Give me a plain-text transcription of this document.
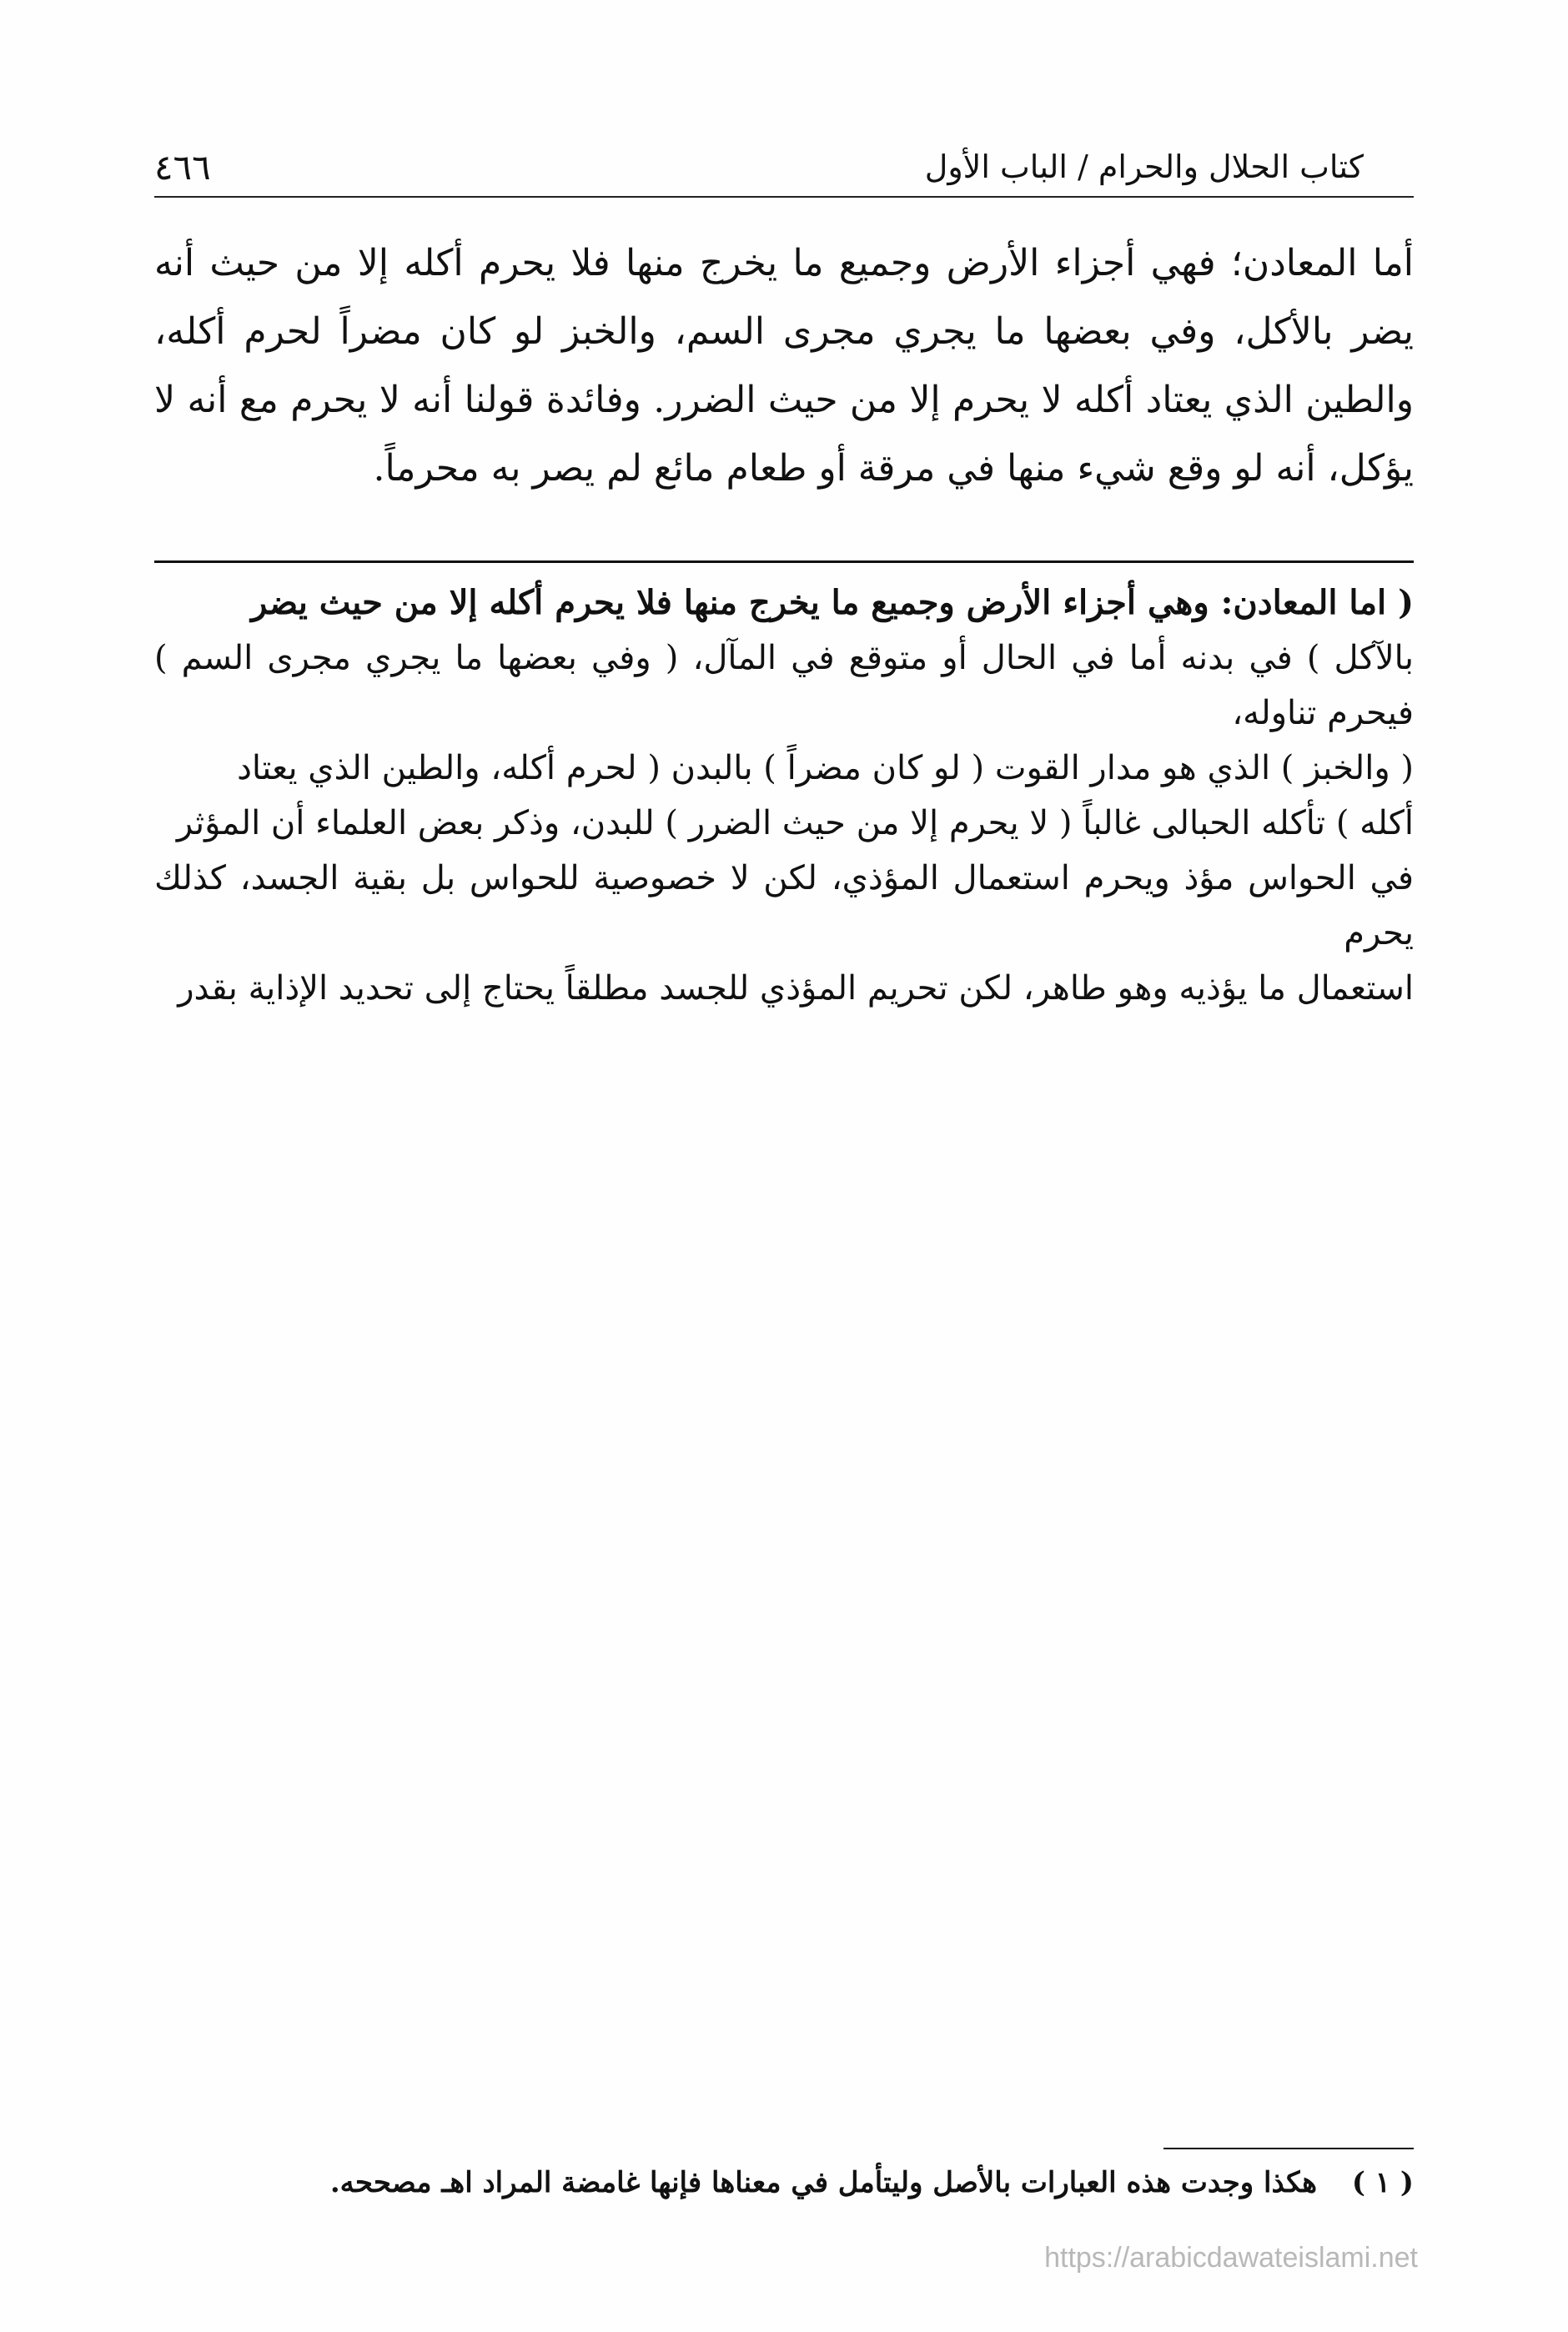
كتاب الحلال والحرام / الباب الأول
٤٦٦

أما المعادن؛ فهي أجزاء الأرض وجميع ما يخرج منها فلا يحرم أكله إلا من حيث أنه يضر بالأكل، وفي بعضها ما يجري مجرى السم، والخبز لو كان مضراً لحرم أكله، والطين الذي يعتاد أكله لا يحرم إلا من حيث الضرر. وفائدة قولنا أنه لا يحرم مع أنه لا يؤكل، أنه لو وقع شيء منها في مرقة أو طعام مائع لم يصر به محرماً.

( اما المعادن: وهي أجزاء الأرض وجميع ما يخرج منها فلا يحرم أكله إلا من حيث يضر

بالآكل ) في بدنه أما في الحال أو متوقع في المآل، ( وفي بعضها ما يجري مجرى السم ) فيحرم تناوله،

( والخبز ) الذي هو مدار القوت ( لو كان مضراً ) بالبدن ( لحرم أكله، والطين الذي يعتاد

أكله ) تأكله الحبالى غالباً ( لا يحرم إلا من حيث الضرر ) للبدن، وذكر بعض العلماء أن المؤثر

في الحواس مؤذ ويحرم استعمال المؤذي، لكن لا خصوصية للحواس بل بقية الجسد، كذلك يحرم

استعمال ما يؤذيه وهو طاهر، لكن تحريم المؤذي للجسد مطلقاً يحتاج إلى تحديد الإذاية بقدر

( ١ ) هكذا وجدت هذه العبارات بالأصل وليتأمل في معناها فإنها غامضة المراد اهـ مصححه.
https://arabicdawateislami.net
